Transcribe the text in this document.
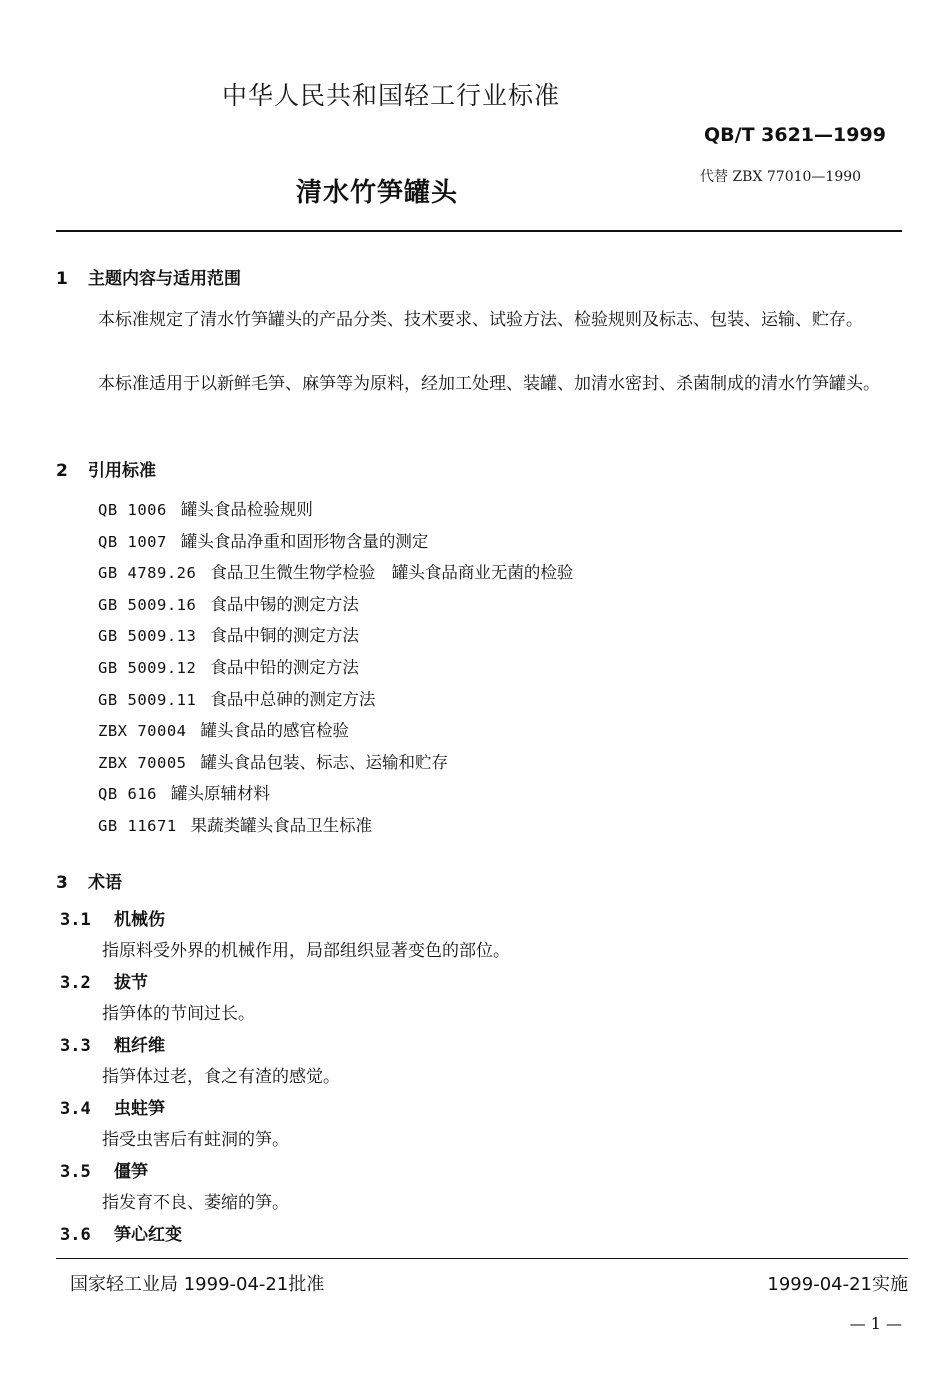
中华人民共和国轻工行业标准
QB/T 3621—1999
代替 ZBX 77010—1990
清水竹笋罐头
1 主题内容与适用范围
本标准规定了清水竹笋罐头的产品分类、技术要求、试验方法、检验规则及标志、包装、运输、贮存。
本标准适用于以新鲜毛笋、麻笋等为原料，经加工处理、装罐、加清水密封、杀菌制成的清水竹笋罐头。
2 引用标准
QB 1006 罐头食品检验规则
QB 1007 罐头食品净重和固形物含量的测定
GB 4789.26 食品卫生微生物学检验　罐头食品商业无菌的检验
GB 5009.16 食品中锡的测定方法
GB 5009.13 食品中铜的测定方法
GB 5009.12 食品中铅的测定方法
GB 5009.11 食品中总砷的测定方法
ZBX 70004 罐头食品的感官检验
ZBX 70005 罐头食品包装、标志、运输和贮存
QB 616 罐头原辅材料
GB 11671 果蔬类罐头食品卫生标准
3 术语
3.1 机械伤
指原料受外界的机械作用，局部组织显著变色的部位。
3.2 拔节
指笋体的节间过长。
3.3 粗纤维
指笋体过老，食之有渣的感觉。
3.4 虫蛀笋
指受虫害后有蛀洞的笋。
3.5 僵笋
指发育不良、萎缩的笋。
3.6 笋心红变
国家轻工业局 1999-04-21批准	1999-04-21实施
— 1 —
